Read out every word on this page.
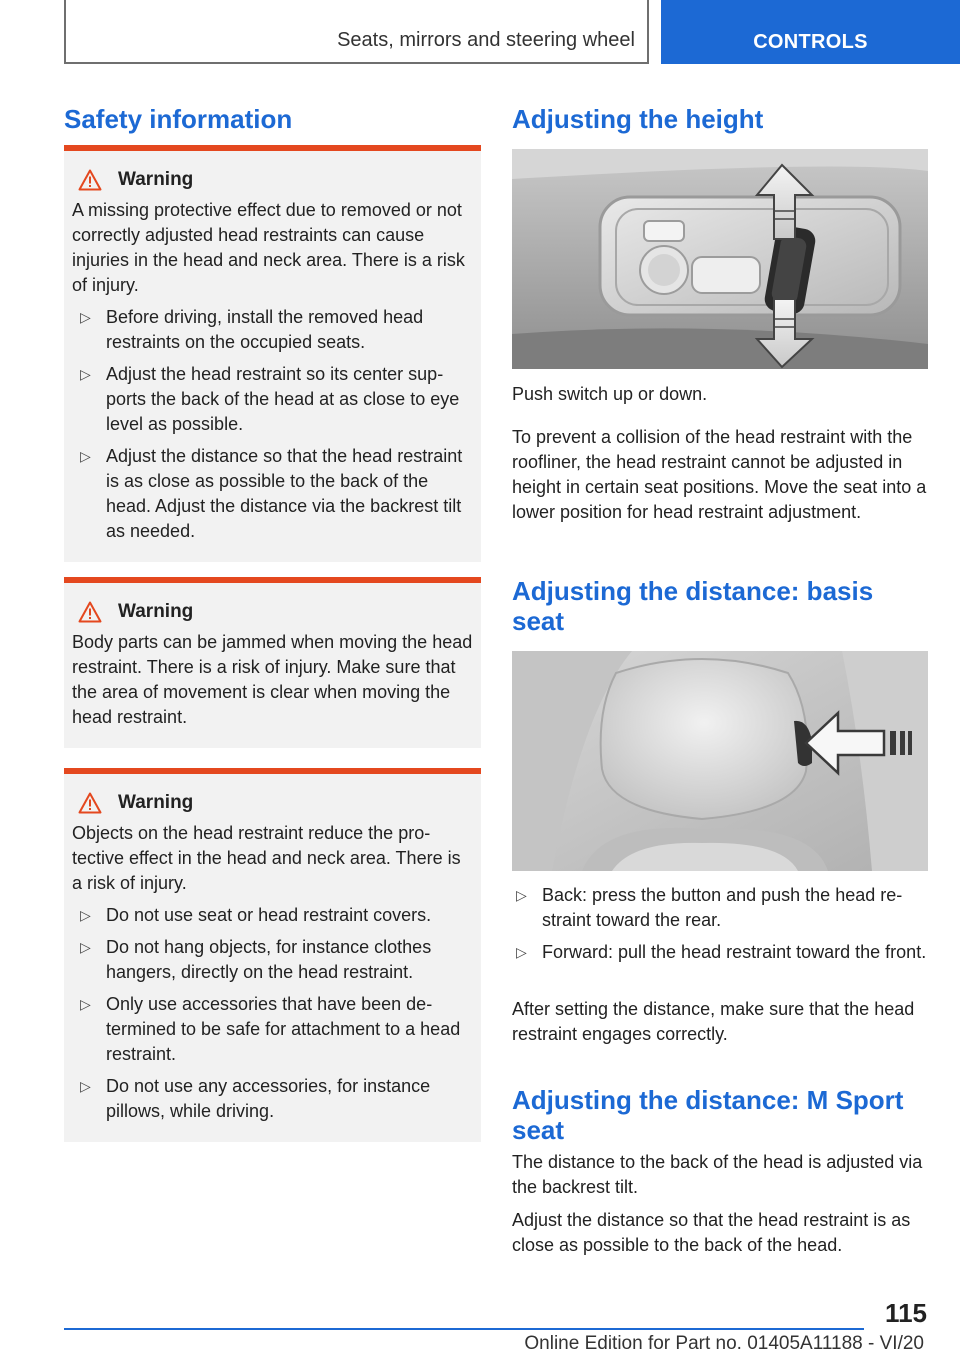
Seats, mirrors and steering wheel	CONTROLS
Safety information
Warning
A missing protective effect due to removed or not correctly adjusted head restraints can cause injuries in the head and neck area. There is a risk of injury.
▷ Before driving, install the removed head restraints on the occupied seats.
▷ Adjust the head restraint so its center supports the back of the head at as close to eye level as possible.
▷ Adjust the distance so that the head restraint is as close as possible to the back of the head. Adjust the distance via the backrest tilt as needed.
Warning
Body parts can be jammed when moving the head restraint. There is a risk of injury. Make sure that the area of movement is clear when moving the head restraint.
Warning
Objects on the head restraint reduce the protective effect in the head and neck area. There is a risk of injury.
▷ Do not use seat or head restraint covers.
▷ Do not hang objects, for instance clothes hangers, directly on the head restraint.
▷ Only use accessories that have been determined to be safe for attachment to a head restraint.
▷ Do not use any accessories, for instance pillows, while driving.
Adjusting the height
Push switch up or down.
To prevent a collision of the head restraint with the roofliner, the head restraint cannot be adjusted in height in certain seat positions. Move the seat into a lower position for head restraint adjustment.
Adjusting the distance: basis
seat
▷ Back: press the button and push the head restraint toward the rear.
▷ Forward: pull the head restraint toward the front.
After setting the distance, make sure that the head restraint engages correctly.
Adjusting the distance: M Sport
seat
The distance to the back of the head is adjusted via the backrest tilt.
Adjust the distance so that the head restraint is as close as possible to the back of the head.
115
Online Edition for Part no. 01405A11188 - VI/20
